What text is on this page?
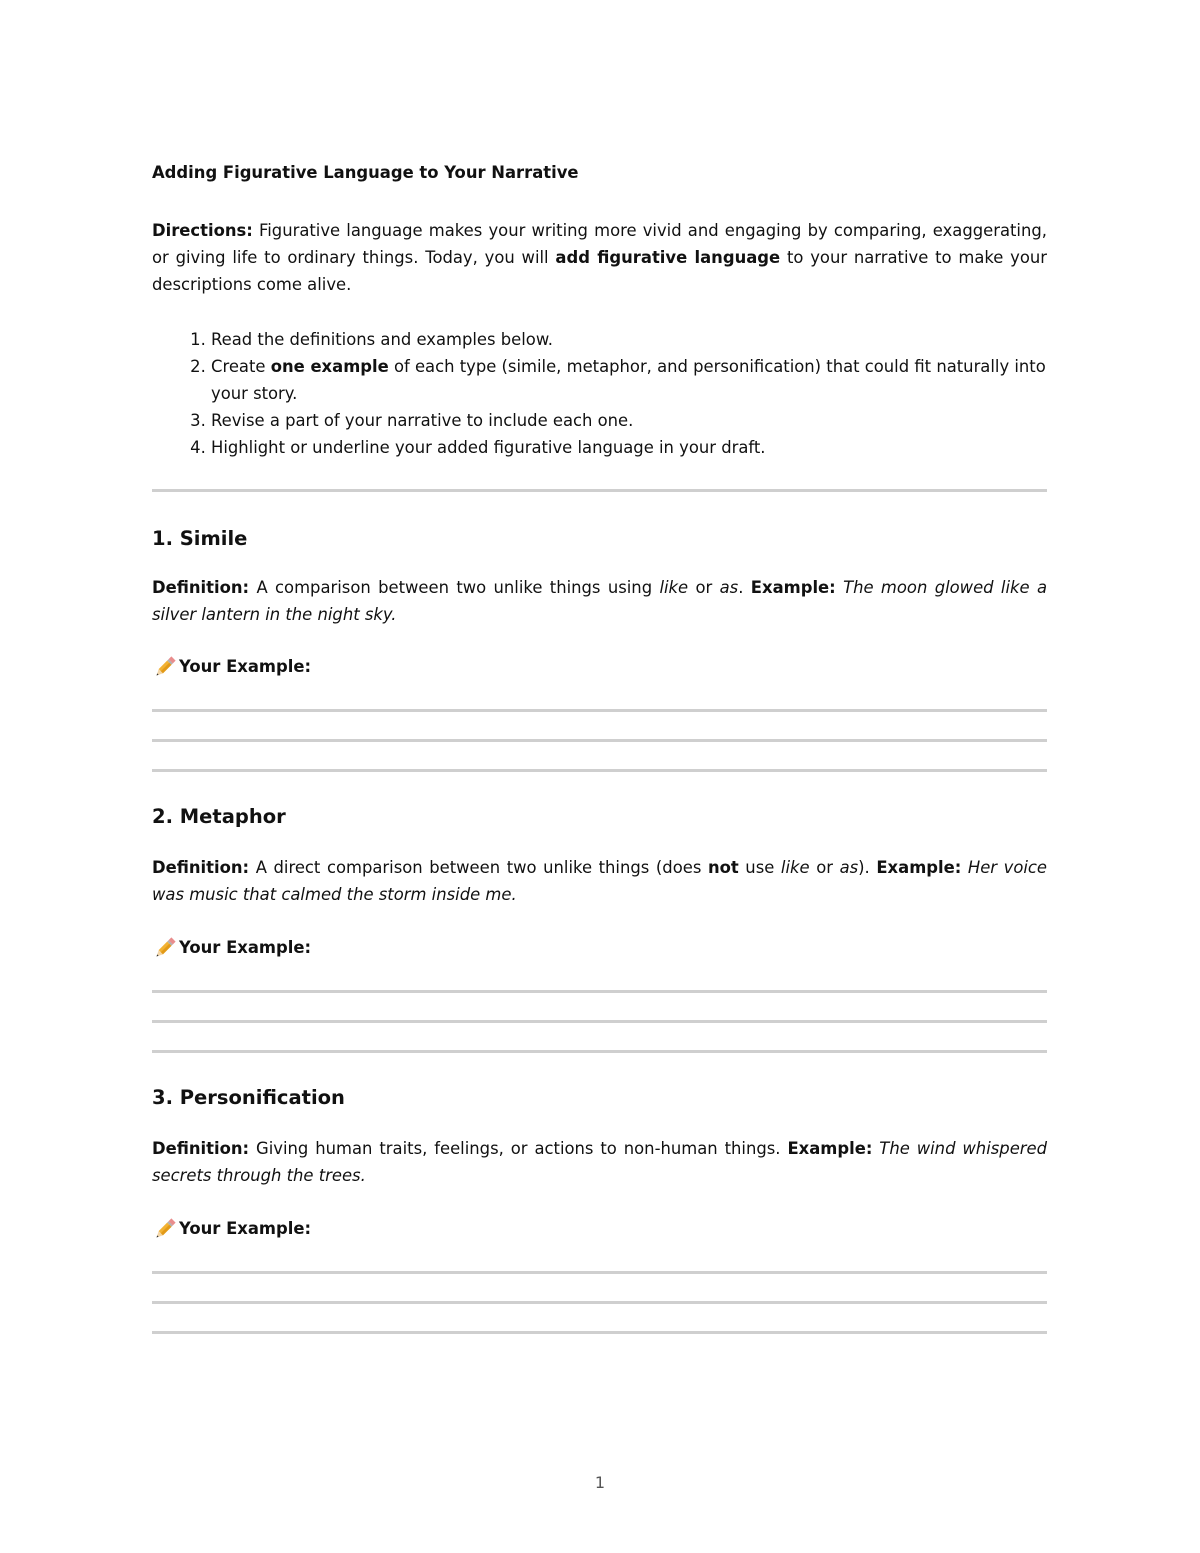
Adding Figurative Language to Your Narrative

Directions: Figurative language makes your writing more vivid and engaging by comparing, exaggerating, or giving life to ordinary things. Today, you will add figurative language to your narrative to make your descriptions come alive.

1. Read the definitions and examples below.
2. Create one example of each type (simile, metaphor, and personification) that could fit naturally into your story.
3. Revise a part of your narrative to include each one.
4. Highlight or underline your added figurative language in your draft.
1. Simile

Definition: A comparison between two unlike things using like or as. Example: The moon glowed like a silver lantern in the night sky.

Your Example:

2. Metaphor

Definition: A direct comparison between two unlike things (does not use like or as). Example: Her voice was music that calmed the storm inside me.

Your Example:

3. Personification

Definition: Giving human traits, feelings, or actions to non-human things. Example: The wind whispered secrets through the trees.

Your Example:

1
